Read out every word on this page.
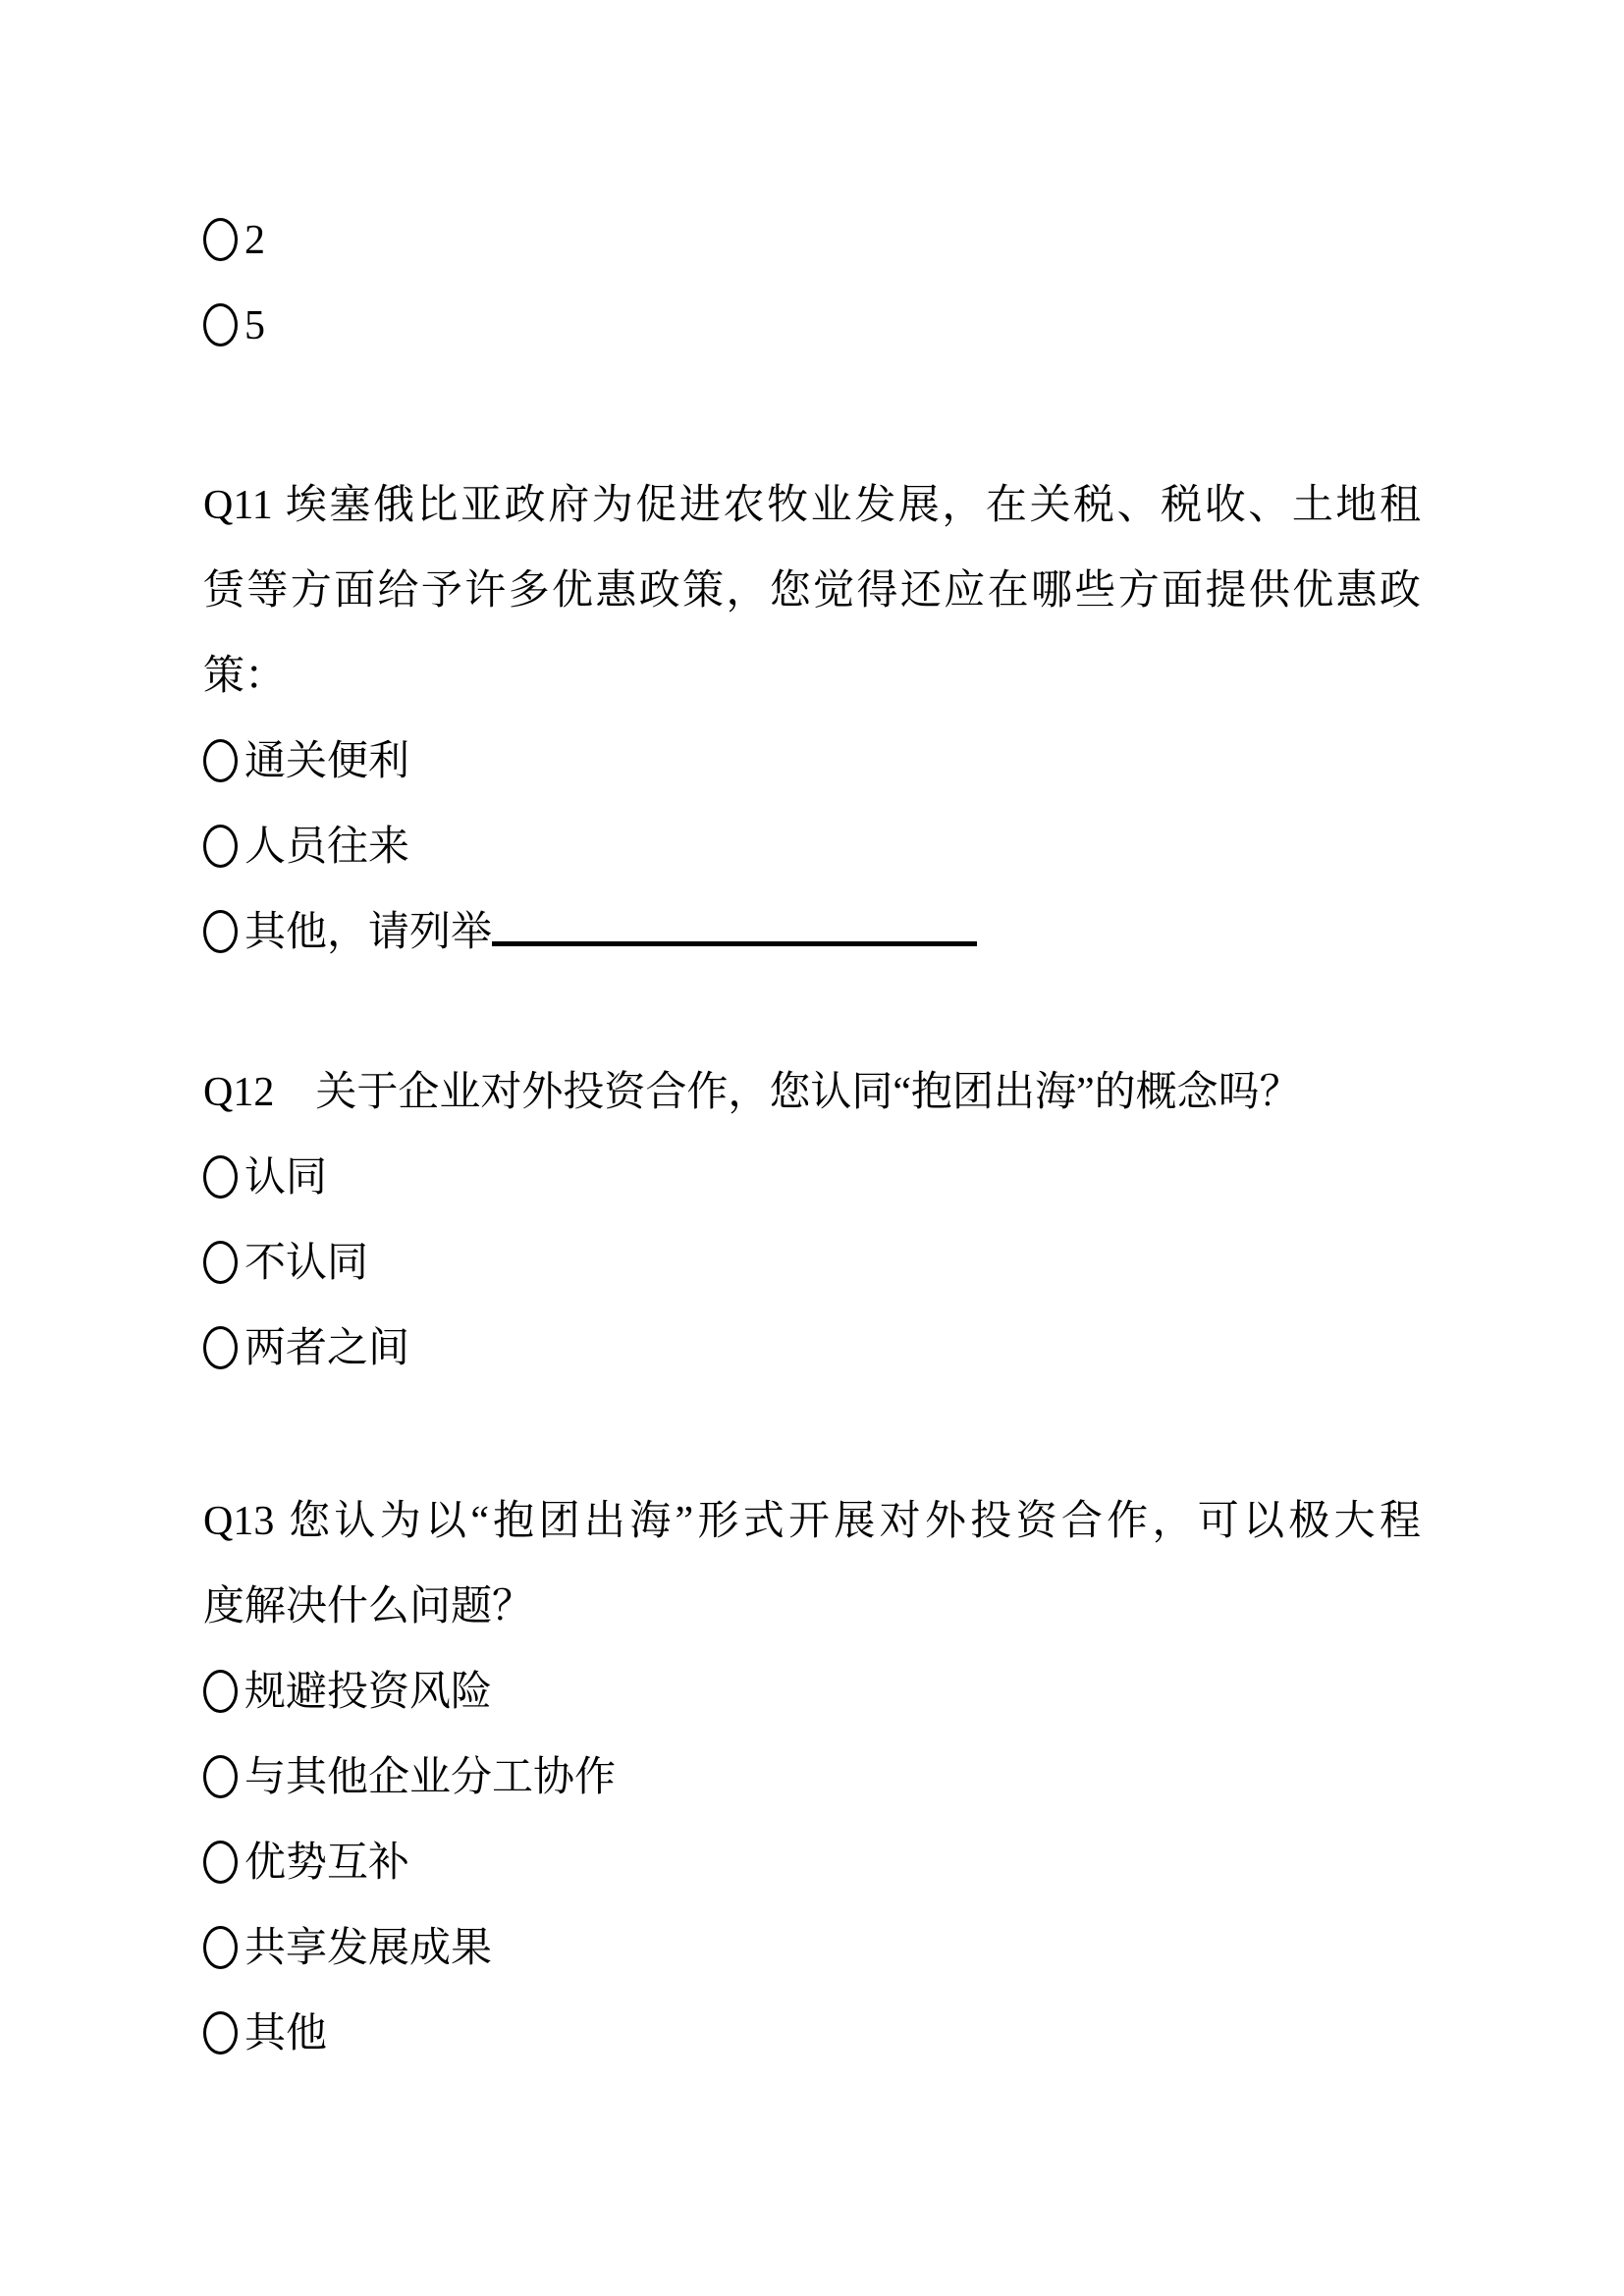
2
5
Q11 埃塞俄比亚政府为促进农牧业发展，在关税、税收、土地租
赁等方面给予许多优惠政策，您觉得还应在哪些方面提供优惠政
策：
通关便利
人员往来
其他，请列举
Q12　关于企业对外投资合作，您认同“抱团出海”的概念吗？
认同
不认同
两者之间
Q13 您认为以“抱团出海”形式开展对外投资合作，可以极大程
度解决什么问题？
规避投资风险
与其他企业分工协作
优势互补
共享发展成果
其他
